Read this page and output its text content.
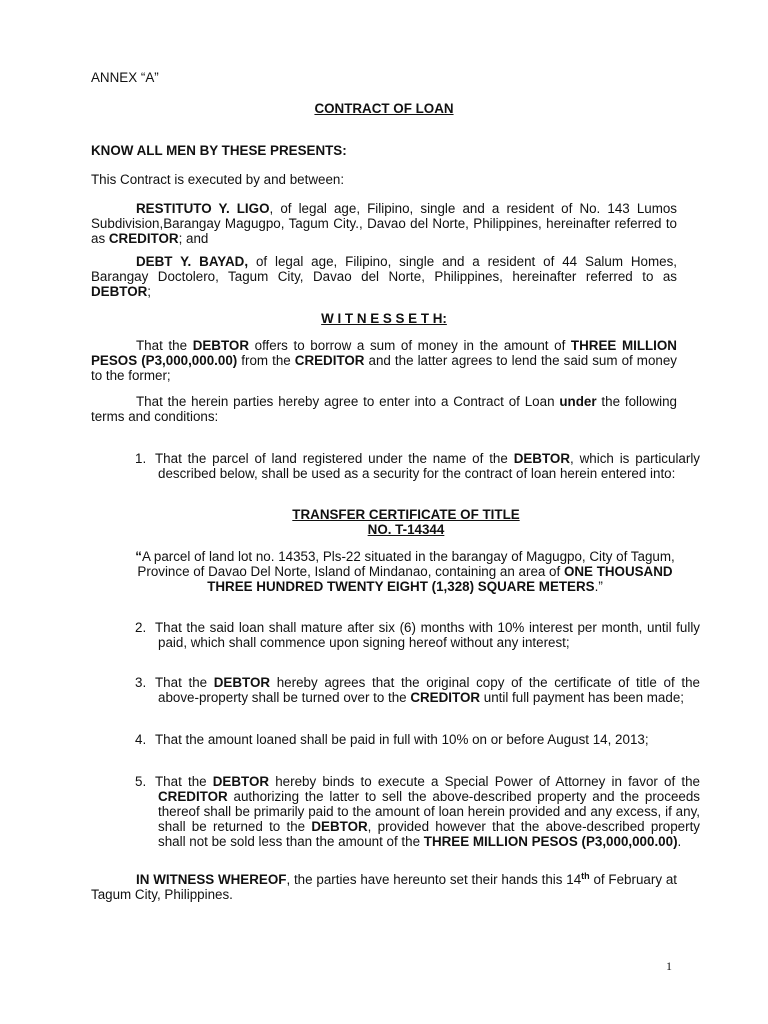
ANNEX “A”

CONTRACT OF LOAN

KNOW ALL MEN BY THESE PRESENTS:

This Contract is executed by and between:

RESTITUTO Y. LIGO, of legal age, Filipino, single and a resident of No. 143 Lumos Subdivision,Barangay Magugpo, Tagum City., Davao del Norte, Philippines, hereinafter referred to as CREDITOR; and

DEBT Y. BAYAD, of legal age, Filipino, single and a resident of 44 Salum Homes, Barangay Doctolero, Tagum City, Davao del Norte, Philippines, hereinafter referred to as DEBTOR;

W I T N E S S E T H:

That the DEBTOR offers to borrow a sum of money in the amount of THREE MILLION PESOS (P3,000,000.00) from the CREDITOR and the latter agrees to lend the said sum of money to the former;

That the herein parties hereby agree to enter into a Contract of Loan under the following terms and conditions:

1. That the parcel of land registered under the name of the DEBTOR, which is particularly described below, shall be used as a security for the contract of loan herein entered into:

TRANSFER CERTIFICATE OF TITLE
NO. T-14344

“A parcel of land lot no. 14353, Pls-22 situated in the barangay of Magugpo, City of Tagum, Province of Davao Del Norte, Island of Mindanao, containing an area of ONE THOUSAND THREE HUNDRED TWENTY EIGHT (1,328) SQUARE METERS.”

2. That the said loan shall mature after six (6) months with 10% interest per month, until fully paid, which shall commence upon signing hereof without any interest;

3. That the DEBTOR hereby agrees that the original copy of the certificate of title of the above-property shall be turned over to the CREDITOR until full payment has been made;

4. That the amount loaned shall be paid in full with 10% on or before August 14, 2013;

5. That the DEBTOR hereby binds to execute a Special Power of Attorney in favor of the CREDITOR authorizing the latter to sell the above-described property and the proceeds thereof shall be primarily paid to the amount of loan herein provided and any excess, if any, shall be returned to the DEBTOR, provided however that the above-described property shall not be sold less than the amount of the THREE MILLION PESOS (P3,000,000.00).

IN WITNESS WHEREOF, the parties have hereunto set their hands this 14th of February at Tagum City, Philippines.

1
